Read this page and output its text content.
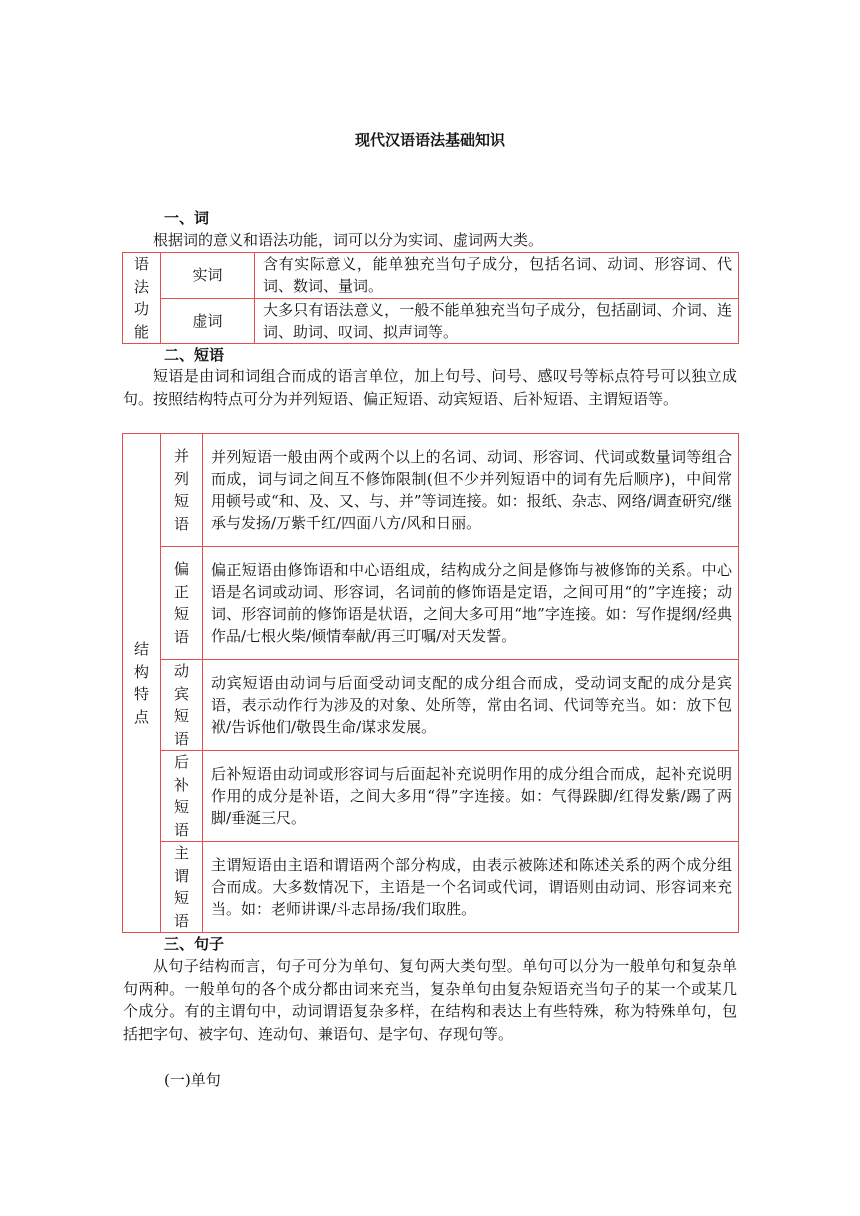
现代汉语语法基础知识
一、词
根据词的意义和语法功能，词可以分为实词、虚词两大类。
语
法
功
能	实词	含有实际意义，能单独充当句子成分，包括名词、动词、形容词、代词、数词、量词。
	虚词	大多只有语法意义，一般不能单独充当句子成分，包括副词、介词、连词、助词、叹词、拟声词等。
二、短语
短语是由词和词组合而成的语言单位，加上句号、问号、感叹号等标点符号可以独立成句。按照结构特点可分为并列短语、偏正短语、动宾短语、后补短语、主谓短语等。
结
构
特
点	并
列
短
语	并列短语一般由两个或两个以上的名词、动词、形容词、代词或数量词等组合而成，词与词之间互不修饰限制(但不少并列短语中的词有先后顺序)，中间常用顿号或“和、及、又、与、并”等词连接。如：报纸、杂志、网络/调查研究/继承与发扬/万紫千红/四面八方/风和日丽。

	偏
正
短
语	偏正短语由修饰语和中心语组成，结构成分之间是修饰与被修饰的关系。中心语是名词或动词、形容词，名词前的修饰语是定语，之间可用“的”字连接；动词、形容词前的修饰语是状语，之间大多可用“地”字连接。如：写作提纲/经典作品/七根火柴/倾情奉献/再三叮嘱/对天发誓。

	动
宾
短
语	动宾短语由动词与后面受动词支配的成分组合而成，受动词支配的成分是宾语，表示动作行为涉及的对象、处所等，常由名词、代词等充当。如：放下包袱/告诉他们/敬畏生命/谋求发展。

	后
补
短
语	后补短语由动词或形容词与后面起补充说明作用的成分组合而成，起补充说明作用的成分是补语，之间大多用“得”字连接。如：气得跺脚/红得发紫/踢了两脚/垂涎三尺。

	主
谓
短
语	主谓短语由主语和谓语两个部分构成，由表示被陈述和陈述关系的两个成分组合而成。大多数情况下，主语是一个名词或代词，谓语则由动词、形容词来充当。如：老师讲课/斗志昂扬/我们取胜。
三、句子
从句子结构而言，句子可分为单句、复句两大类句型。单句可以分为一般单句和复杂单句两种。一般单句的各个成分都由词来充当，复杂单句由复杂短语充当句子的某一个或某几个成分。有的主谓句中，动词谓语复杂多样，在结构和表达上有些特殊，称为特殊单句，包括把字句、被字句、连动句、兼语句、是字句、存现句等。
(一)单句
